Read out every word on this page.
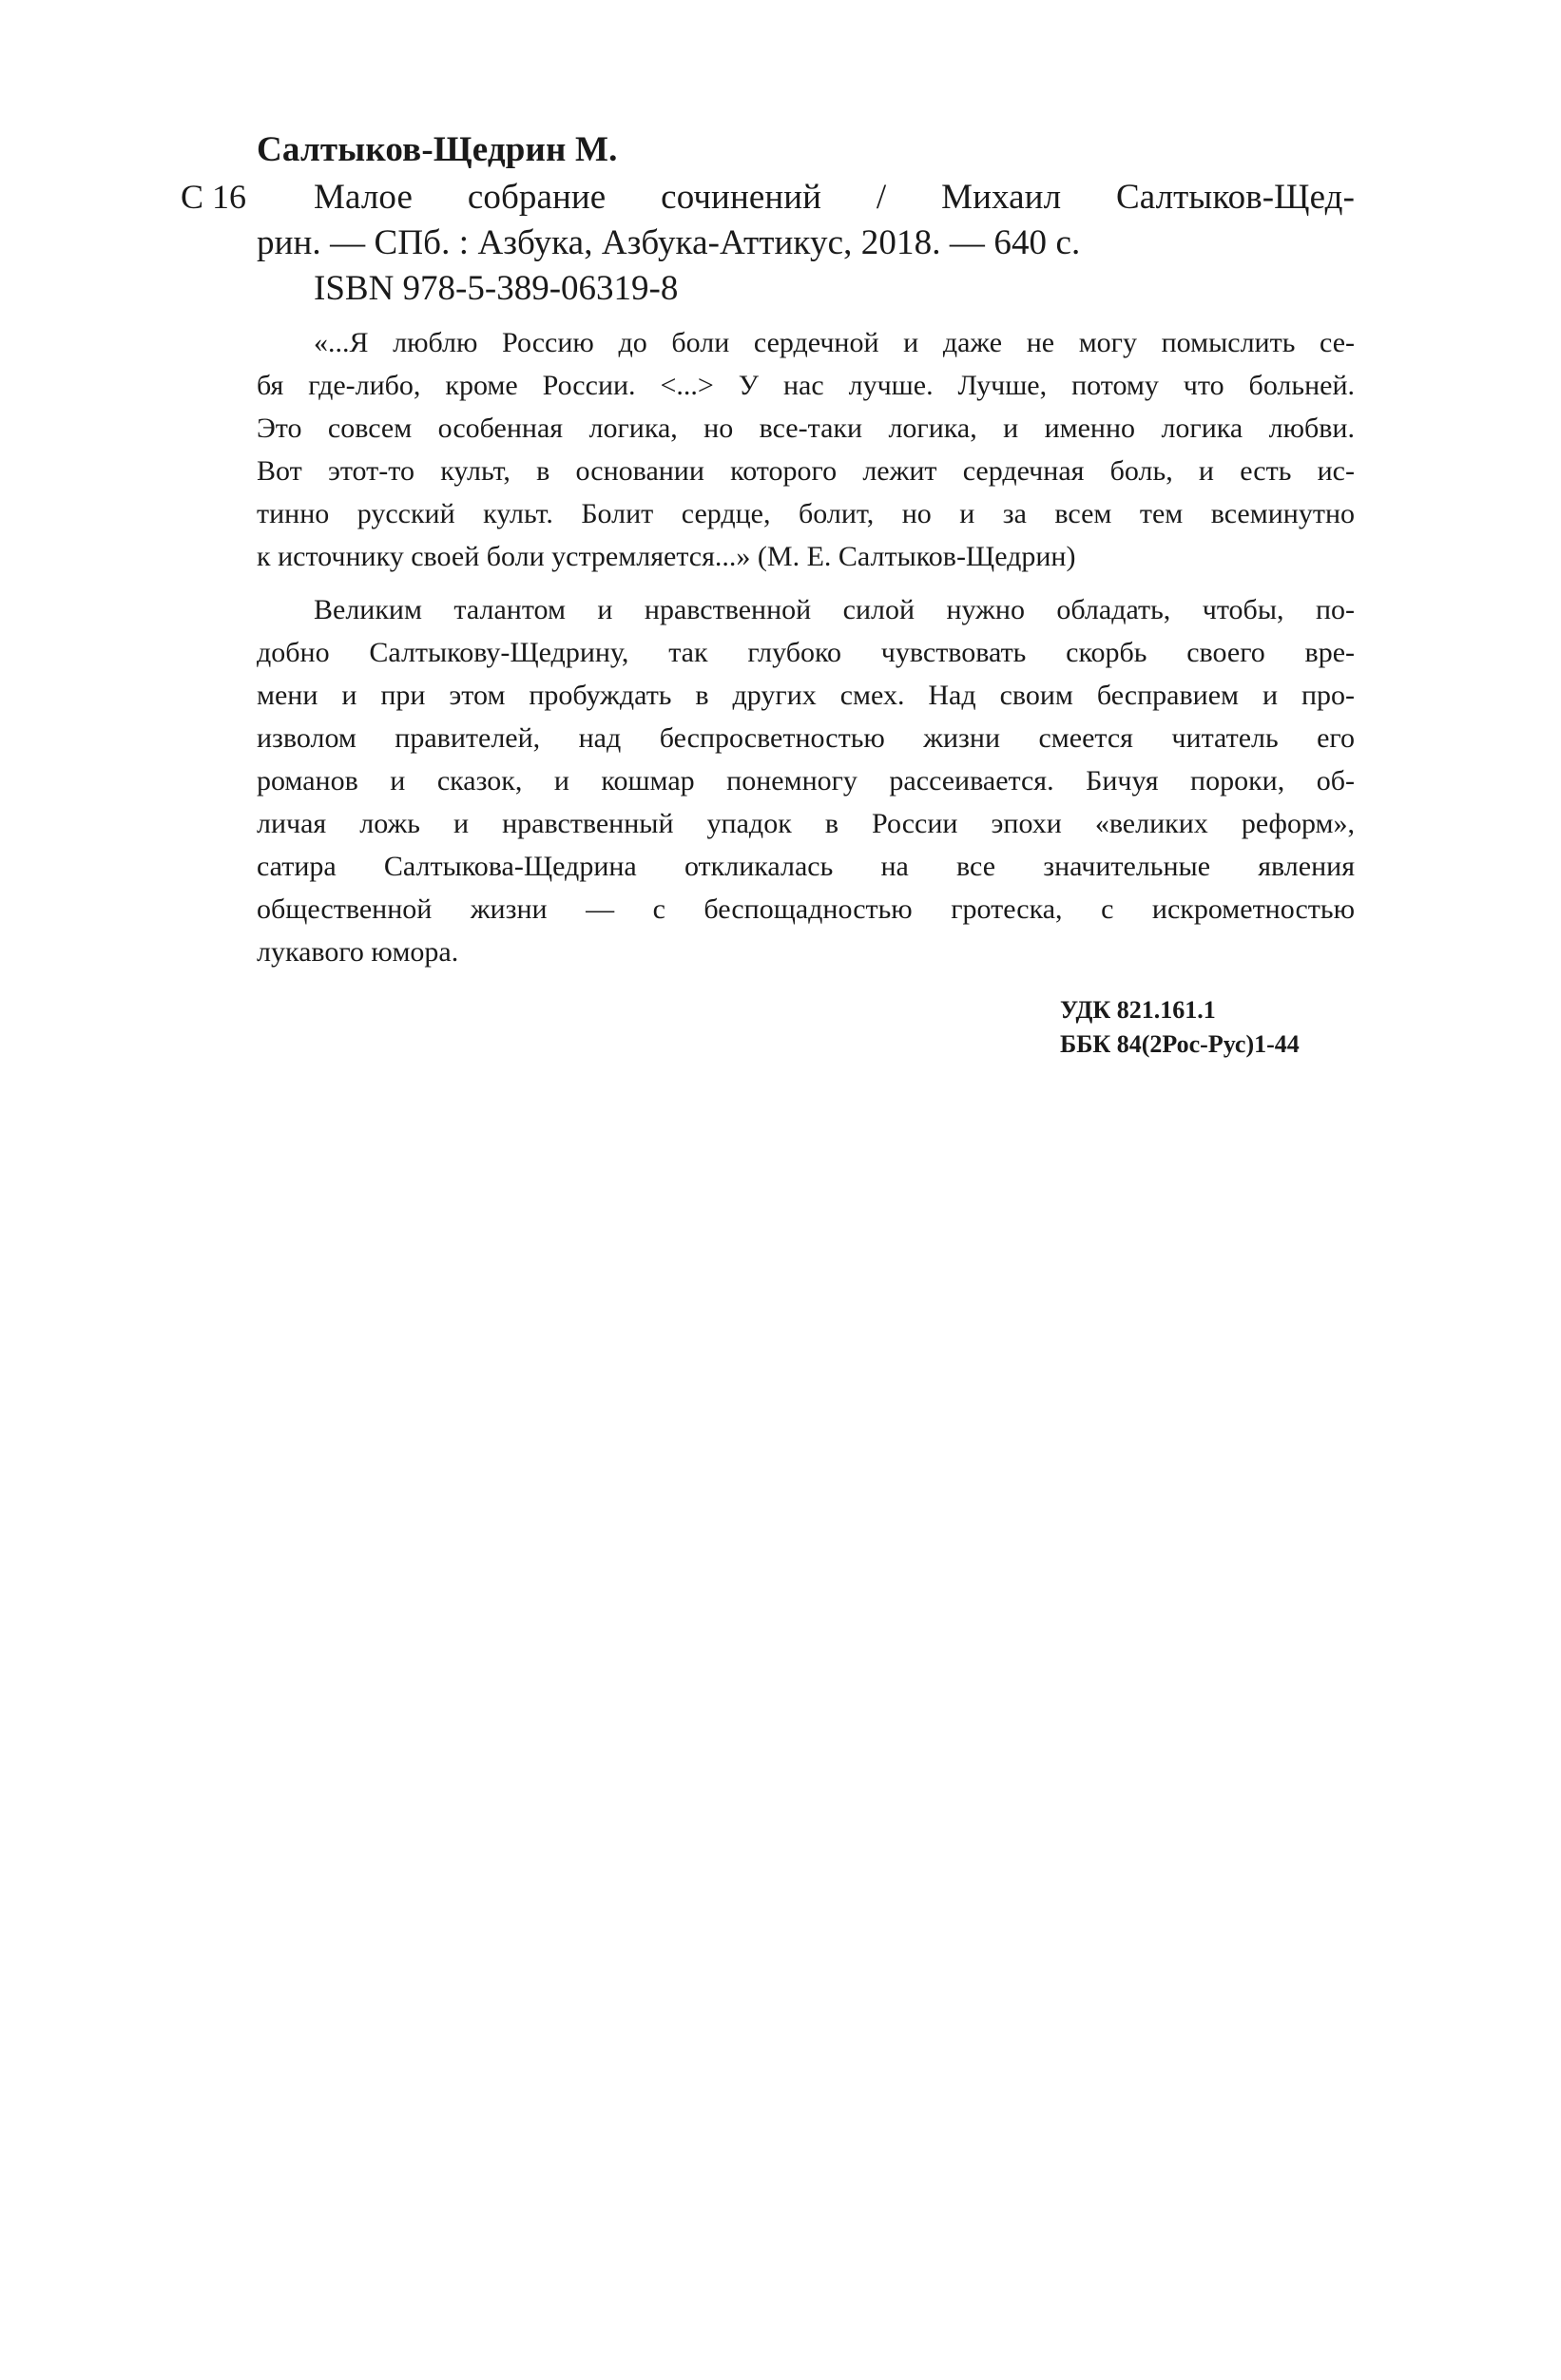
Салтыков-Щедрин М.

С 16 Малое собрание сочинений / Михаил Салтыков-Щед-

рин. — СПб. : Азбука, Азбука-Аттикус, 2018. — 640 с.

ISBN 978-5-389-06319-8

«...Я люблю Россию до боли сердечной и даже не могу помыслить се-

бя где-либо, кроме России. <...> У нас лучше. Лучше, потому что больней.

Это совсем особенная логика, но все-таки логика, и именно логика любви.

Вот этот-то культ, в основании которого лежит сердечная боль, и есть ис-

тинно русский культ. Болит сердце, болит, но и за всем тем всеминутно

к источнику своей боли устремляется...» (М. Е. Салтыков-Щедрин)

Великим талантом и нравственной силой нужно обладать, чтобы, по-

добно Салтыкову-Щедрину, так глубоко чувствовать скорбь своего вре-

мени и при этом пробуждать в других смех. Над своим бесправием и про-

изволом правителей, над беспросветностью жизни смеется читатель его

романов и сказок, и кошмар понемногу рассеивается. Бичуя пороки, об-

личая ложь и нравственный упадок в России эпохи «великих реформ»,

сатира Салтыкова-Щедрина откликалась на все значительные явления

общественной жизни — с беспощадностью гротеска, с искрометностью

лукавого юмора.

УДК 821.161.1

ББК 84(2Рос-Рус)1-44
